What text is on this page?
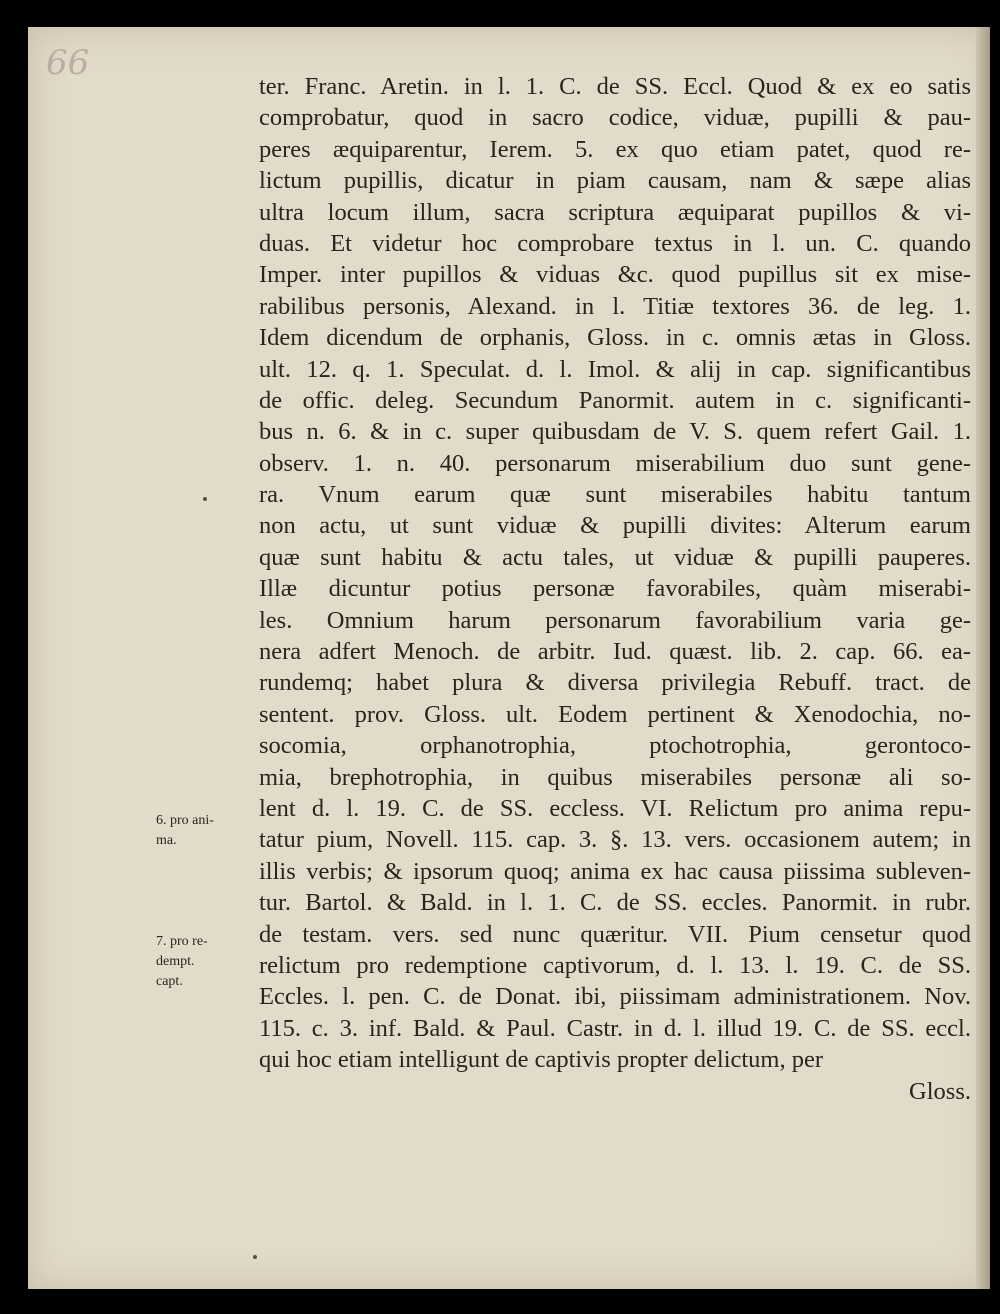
66
ter. Franc. Aretin. in l. 1. C. de SS. Eccl. Quod & ex eo satis
comprobatur, quod in sacro codice, viduæ, pupilli & pau-
peres æquiparentur, Ierem. 5. ex quo etiam patet, quod re-
lictum pupillis, dicatur in piam causam, nam & sæpe alias
ultra locum illum, sacra scriptura æquiparat pupillos & vi-
duas. Et videtur hoc comprobare textus in l. un. C. quando
Imper. inter pupillos & viduas &c. quod pupillus sit ex mise-
rabilibus personis, Alexand. in l. Titiæ textores 36. de leg. 1.
Idem dicendum de orphanis, Gloss. in c. omnis ætas in Gloss.
ult. 12. q. 1. Speculat. d. l. Imol. & alij in cap. significantibus
de offic. deleg. Secundum Panormit. autem in c. significanti-
bus n. 6. & in c. super quibusdam de V. S. quem refert Gail. 1.
observ. 1. n. 40. personarum miserabilium duo sunt gene-
ra. Vnum earum quæ sunt miserabiles habitu tantum
non actu, ut sunt viduæ & pupilli divites: Alterum earum
quæ sunt habitu & actu tales, ut viduæ & pupilli pauperes.
Illæ dicuntur potius personæ favorabiles, quàm miserabi-
les. Omnium harum personarum favorabilium varia ge-
nera adfert Menoch. de arbitr. Iud. quæst. lib. 2. cap. 66. ea-
rundemq; habet plura & diversa privilegia Rebuff. tract. de
sentent. prov. Gloss. ult. Eodem pertinent & Xenodochia, no-
socomia, orphanotrophia, ptochotrophia, gerontoco-
mia, brephotrophia, in quibus miserabiles personæ ali so-
lent d. l. 19. C. de SS. eccless. VI. Relictum pro anima repu-
tatur pium, Novell. 115. cap. 3. §. 13. vers. occasionem autem; in
illis verbis; & ipsorum quoq; anima ex hac causa piissima subleven-
tur. Bartol. & Bald. in l. 1. C. de SS. eccles. Panormit. in rubr.
de testam. vers. sed nunc quæritur. VII. Pium censetur quod
relictum pro redemptione captivorum, d. l. 13. l. 19. C. de SS.
Eccles. l. pen. C. de Donat. ibi, piissimam administrationem. Nov.
115. c. 3. inf. Bald. & Paul. Castr. in d. l. illud 19. C. de SS. eccl.
qui hoc etiam intelligunt de captivis propter delictum, per
Gloss.
6. pro ani-
ma.
7. pro re-
dempt.
capt.
